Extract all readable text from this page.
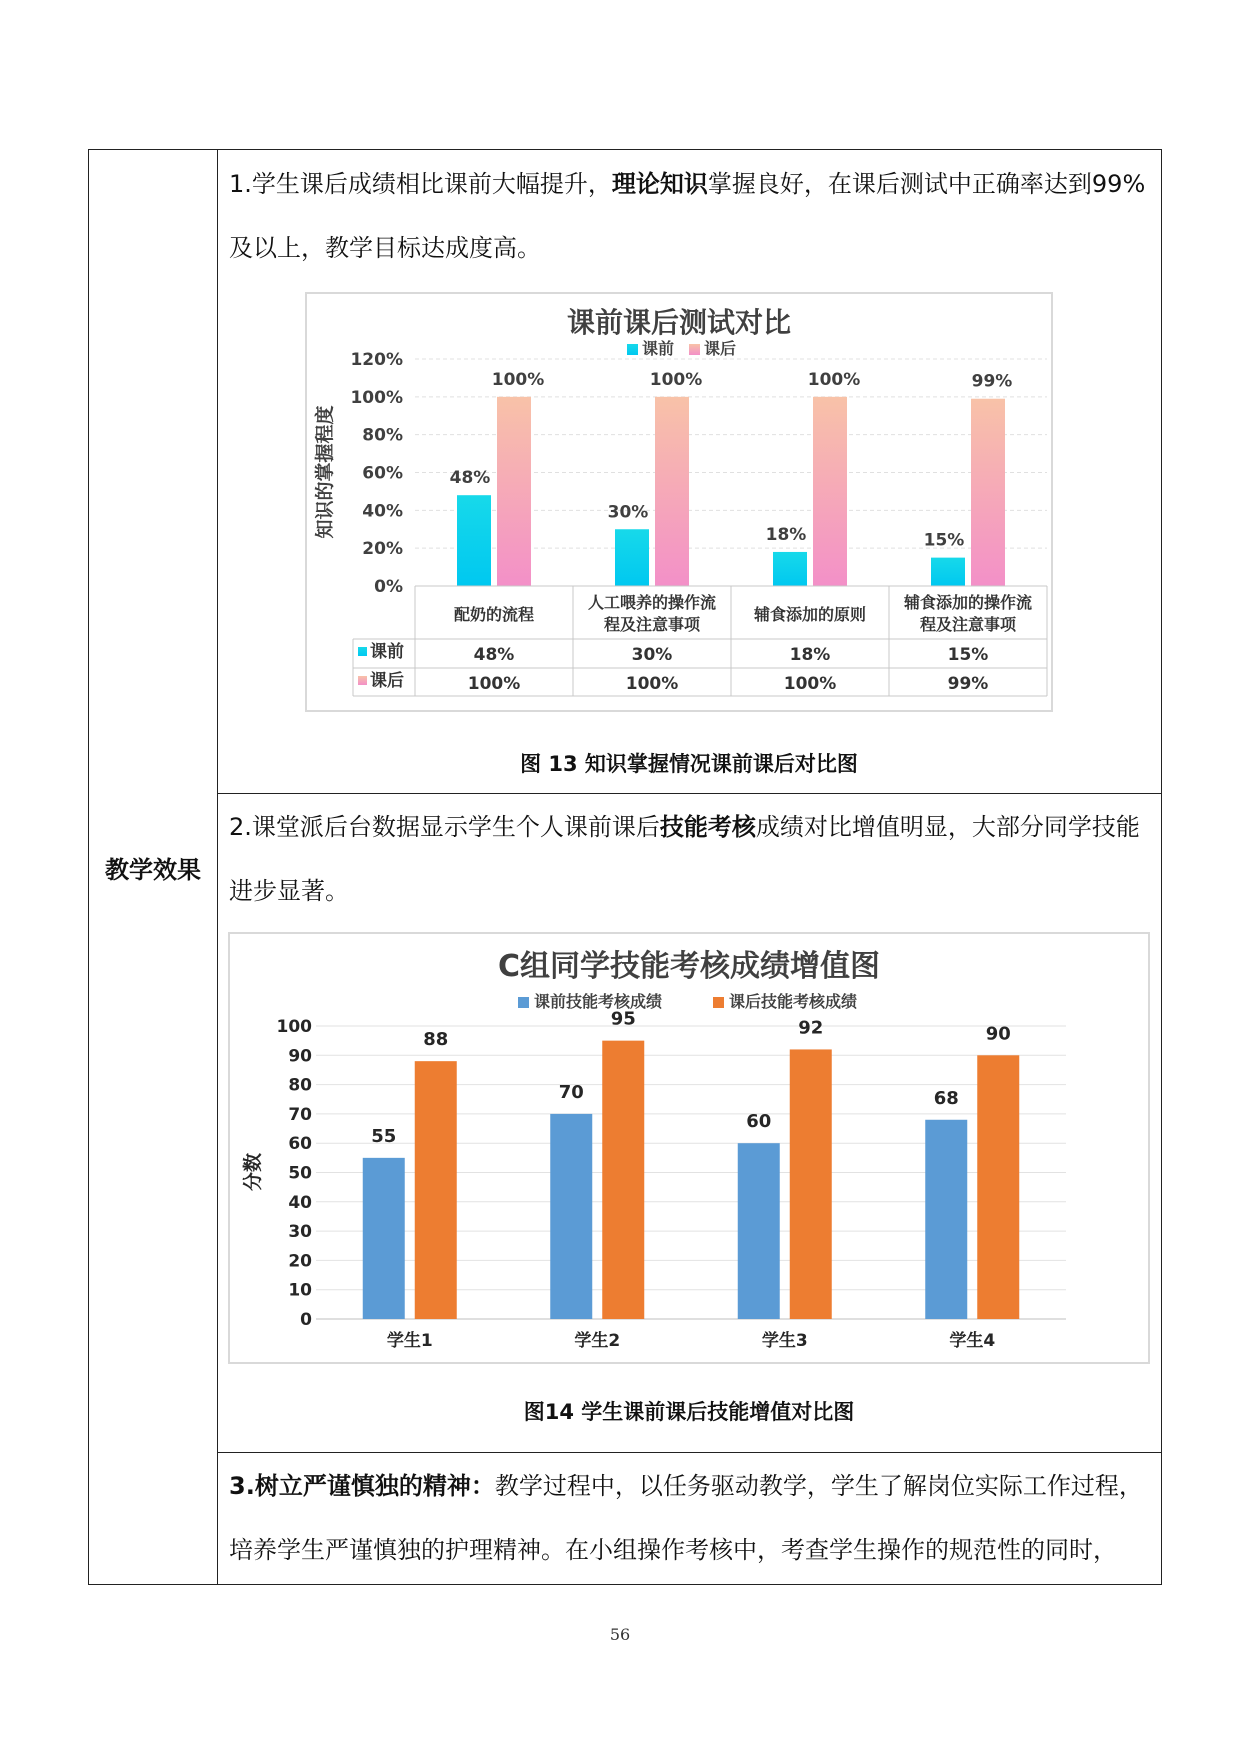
教学效果
1.学生课后成绩相比课前大幅提升，理论知识掌握良好，在课后测试中正确率达到99%及以上，教学目标达成度高。
课前课后测试对比
课前 课后
0%
20%
40%
60%
80%
100%
120%
知识的掌握程度	48%
100%
30%
100%
18%
100%
15%
99%
配奶的流程
48%
100%
人工喂养的操作流
程及注意事项
30%
100%
辅食添加的原则
18%
100%
辅食添加的操作流
程及注意事项
15%
99%
课前
课后
图 13 知识掌握情况课前课后对比图
2.课堂派后台数据显示学生个人课前课后技能考核成绩对比增值明显，大部分同学技能进步显著。
C组同学技能考核成绩增值图
课前技能考核成绩	课后技能考核成绩
0
10
20
30
40
50
60
70
80
90
100
分数
55
88
学生1
70
95
学生2
60
92
学生3
68
90
学生4
图14 学生课前课后技能增值对比图
3.树立严谨慎独的精神：教学过程中，以任务驱动教学，学生了解岗位实际工作过程，培养学生严谨慎独的护理精神。在小组操作考核中，考查学生操作的规范性的同时，
56
